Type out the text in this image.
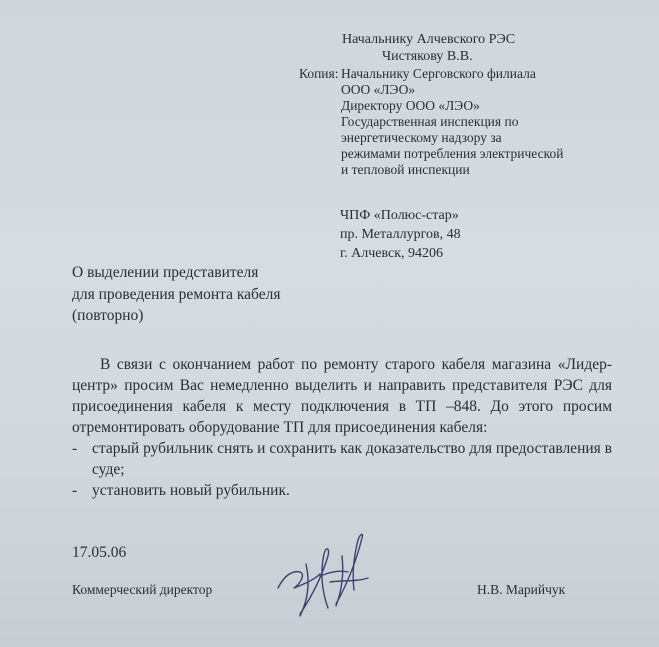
Начальнику Алчевского РЭС
Чистякову В.В.
Копия: Начальнику Серговского филиала
ООО «ЛЭО»
Директору ООО «ЛЭО»
Государственная инспекция по
энергетическому надзору за
режимами потребления электрической
и тепловой инспекции
ЧПФ «Полюс-стар»
пр. Металлургов, 48
г. Алчевск, 94206
О выделении представителя
для проведения ремонта кабеля
(повторно)

В связи с окончанием работ по ремонту старого кабеля магазина «Лидер-центр» просим Вас немедленно выделить и направить представителя РЭС для присоединения кабеля к месту подключения в ТП –848. До этого просим отремонтировать оборудование ТП для присоединения кабеля:

- старый рубильник снять и сохранить как доказательство для предоставления в суде;

- установить новый рубильник.

17.05.06
Коммерческий директор	Н.В. Марийчук
